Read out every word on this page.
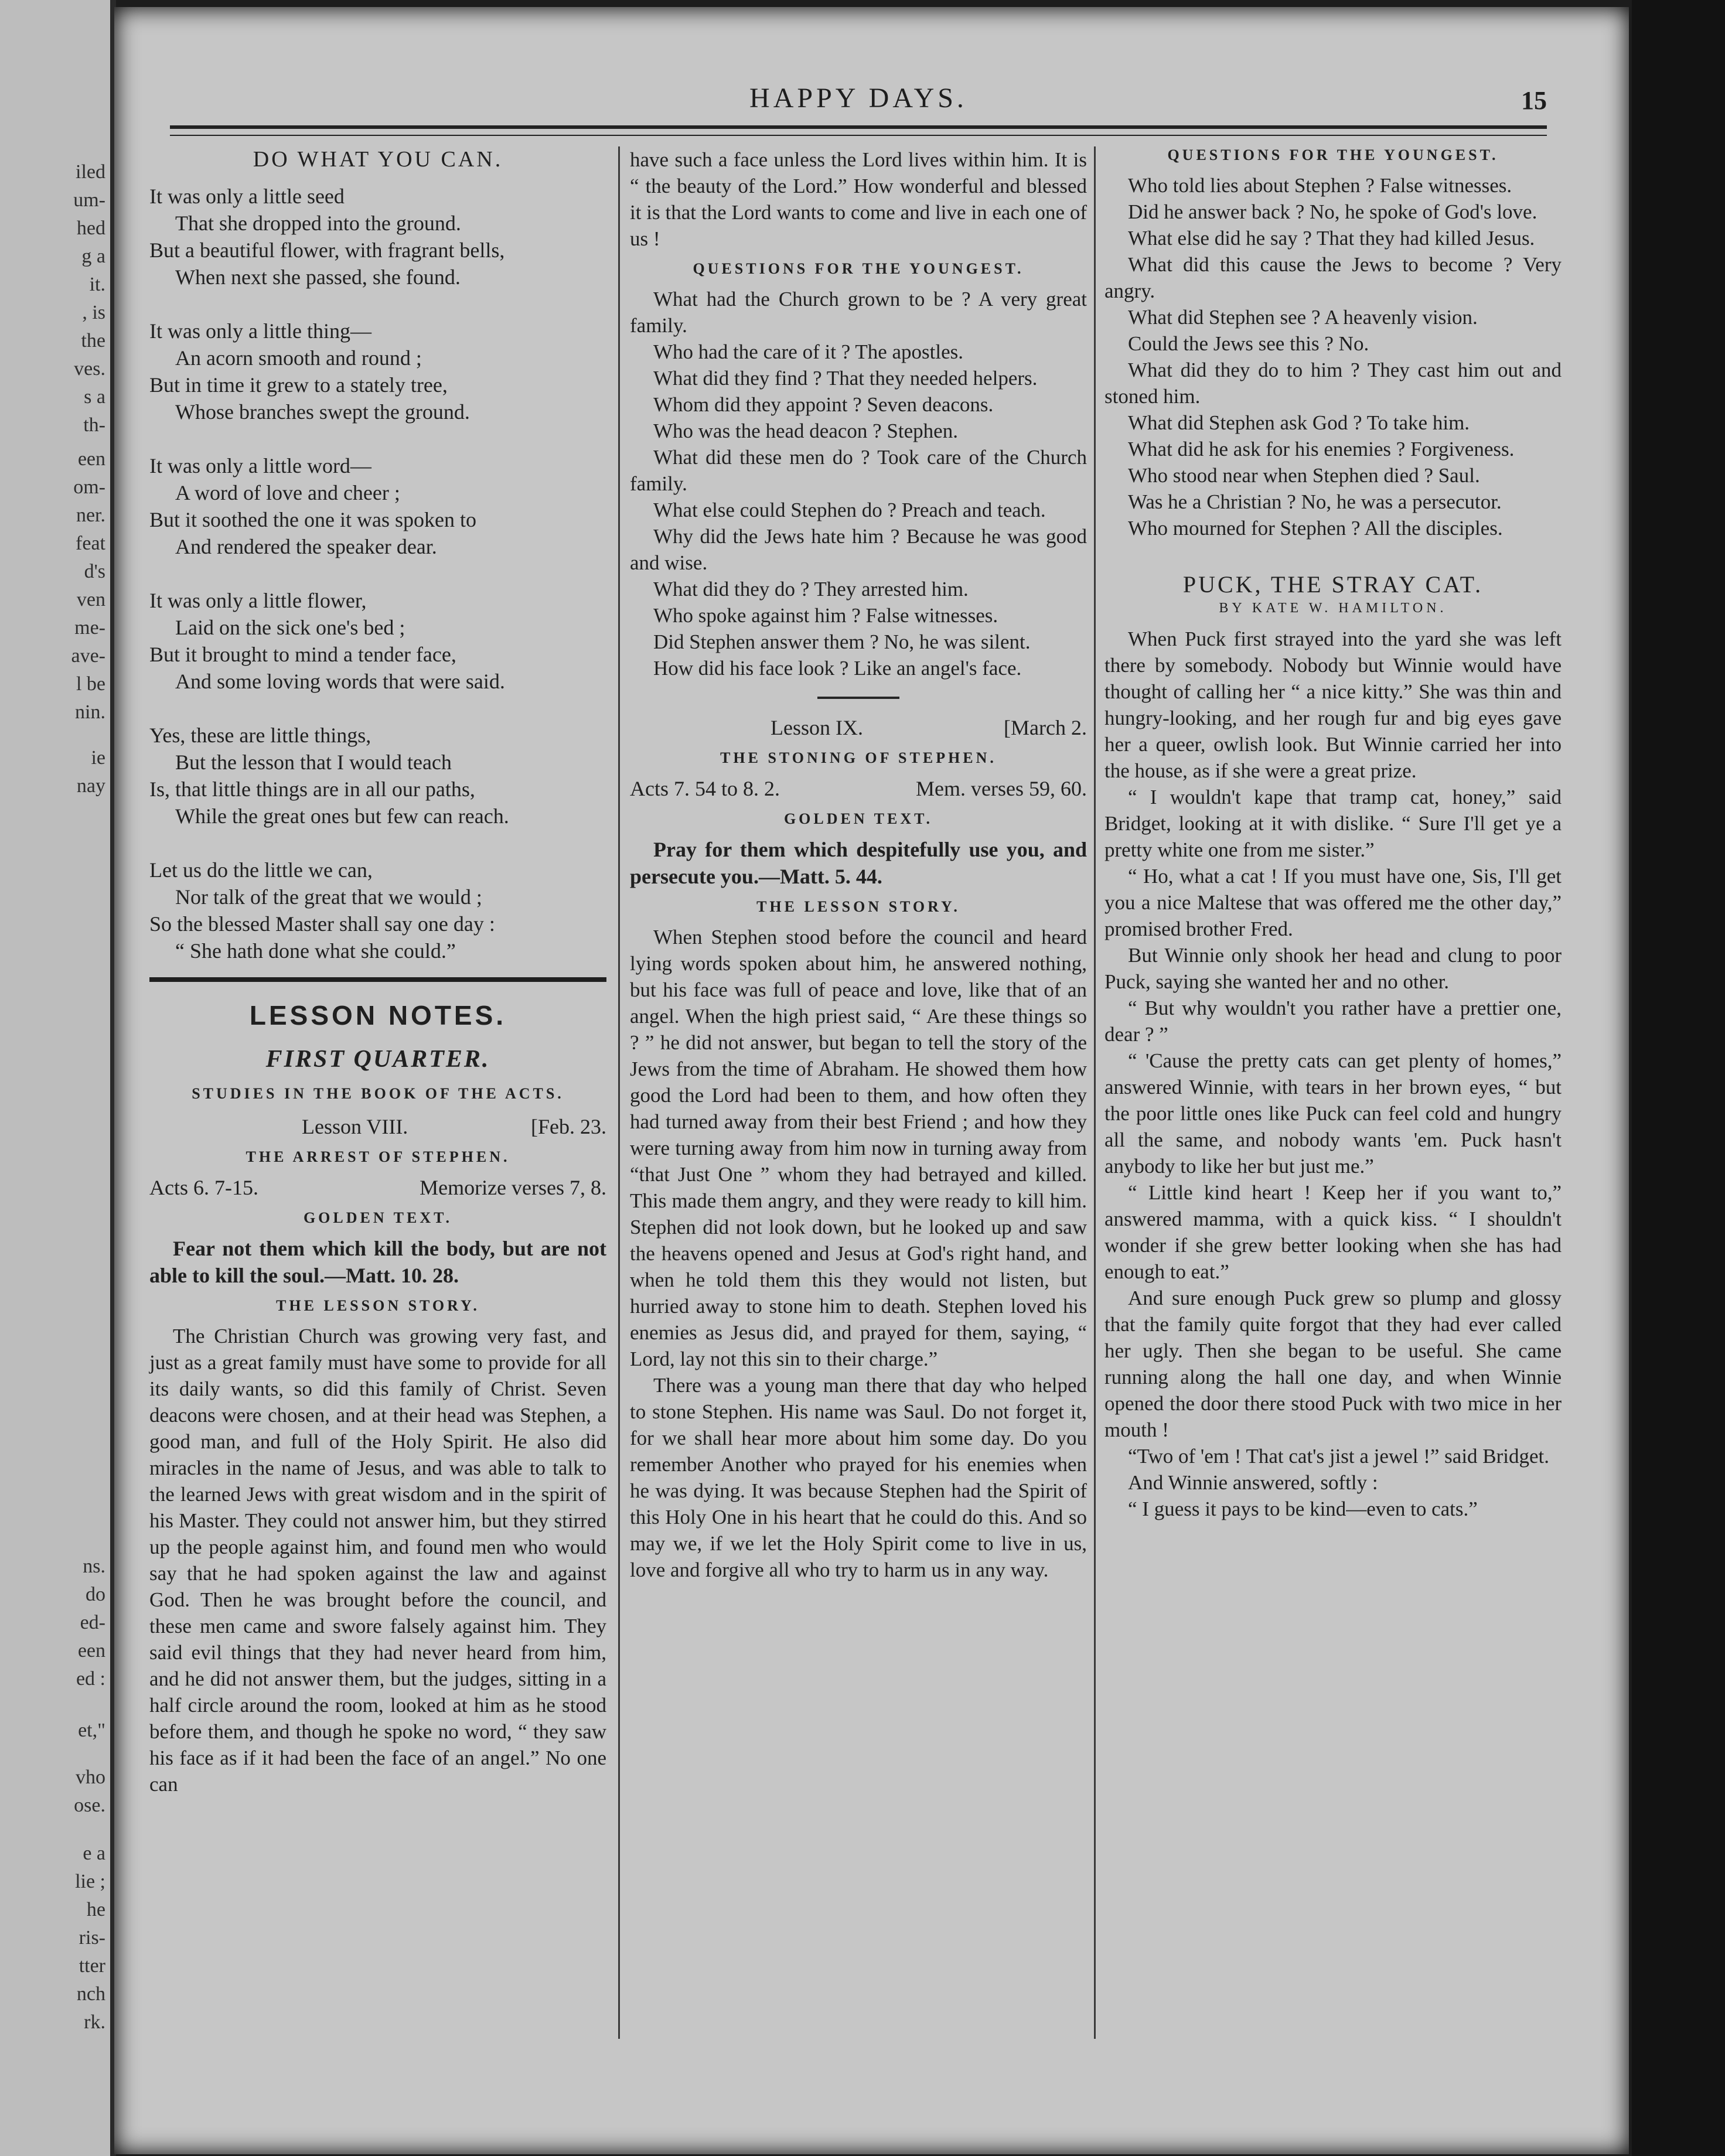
iled
um-
hed
g a
it.
, is
the
ves.
s a
th-
een
om-
ner.
feat
d's
ven
me-
ave-
l be
nin.
ie
nay
ns.
do
ed-
een
ed :
et,"
vho
ose.
e a
lie ;
he
ris-
tter
nch
rk.
HAPPY DAYS.	15

DO WHAT YOU CAN.

It was only a little seed

That she dropped into the ground.

But a beautiful flower, with fragrant bells,

When next she passed, she found.

It was only a little thing—

An acorn smooth and round ;

But in time it grew to a stately tree,

Whose branches swept the ground.

It was only a little word—

A word of love and cheer ;

But it soothed the one it was spoken to

And rendered the speaker dear.

It was only a little flower,

Laid on the sick one's bed ;

But it brought to mind a tender face,

And some loving words that were said.

Yes, these are little things,

But the lesson that I would teach

Is, that little things are in all our paths,

While the great ones but few can reach.

Let us do the little we can,

Nor talk of the great that we would ;

So the blessed Master shall say one day :

“ She hath done what she could.”

LESSON NOTES.
FIRST QUARTER.

STUDIES IN THE BOOK OF THE ACTS.

Lesson VIII.	[Feb. 23.

THE ARREST OF STEPHEN.

Acts 6. 7-15.	Memorize verses 7, 8.

GOLDEN TEXT.

Fear not them which kill the body, but are not able to kill the soul.—Matt. 10. 28.

THE LESSON STORY.

The Christian Church was growing very fast, and just as a great family must have some to provide for all its daily wants, so did this family of Christ. Seven deacons were chosen, and at their head was Stephen, a good man, and full of the Holy Spirit. He also did miracles in the name of Jesus, and was able to talk to the learned Jews with great wisdom and in the spirit of his Master. They could not answer him, but they stirred up the people against him, and found men who would say that he had spoken against the law and against God. Then he was brought before the council, and these men came and swore falsely against him. They said evil things that they had never heard from him, and he did not answer them, but the judges, sitting in a half circle around the room, looked at him as he stood before them, and though he spoke no word, “ they saw his face as if it had been the face of an angel.” No one can

have such a face unless the Lord lives within him. It is “ the beauty of the Lord.” How wonderful and blessed it is that the Lord wants to come and live in each one of us !

QUESTIONS FOR THE YOUNGEST.

What had the Church grown to be ? A very great family.

Who had the care of it ? The apostles.

What did they find ? That they needed helpers.

Whom did they appoint ? Seven deacons.

Who was the head deacon ? Stephen.

What did these men do ? Took care of the Church family.

What else could Stephen do ? Preach and teach.

Why did the Jews hate him ? Because he was good and wise.

What did they do ? They arrested him.

Who spoke against him ? False witnesses.

Did Stephen answer them ? No, he was silent.

How did his face look ? Like an angel's face.

Lesson IX.	[March 2.

THE STONING OF STEPHEN.

Acts 7. 54 to 8. 2.	Mem. verses 59, 60.

GOLDEN TEXT.

Pray for them which despitefully use you, and persecute you.—Matt. 5. 44.

THE LESSON STORY.

When Stephen stood before the council and heard lying words spoken about him, he answered nothing, but his face was full of peace and love, like that of an angel. When the high priest said, “ Are these things so ? ” he did not answer, but began to tell the story of the Jews from the time of Abraham. He showed them how good the Lord had been to them, and how often they had turned away from their best Friend ; and how they were turning away from him now in turning away from “that Just One ” whom they had betrayed and killed. This made them angry, and they were ready to kill him. Stephen did not look down, but he looked up and saw the heavens opened and Jesus at God's right hand, and when he told them this they would not listen, but hurried away to stone him to death. Stephen loved his enemies as Jesus did, and prayed for them, saying, “ Lord, lay not this sin to their charge.”

There was a young man there that day who helped to stone Stephen. His name was Saul. Do not forget it, for we shall hear more about him some day. Do you remember Another who prayed for his enemies when he was dying. It was because Stephen had the Spirit of this Holy One in his heart that he could do this. And so may we, if we let the Holy Spirit come to live in us, love and forgive all who try to harm us in any way.

QUESTIONS FOR THE YOUNGEST.

Who told lies about Stephen ? False witnesses.

Did he answer back ? No, he spoke of God's love.

What else did he say ? That they had killed Jesus.

What did this cause the Jews to become ? Very angry.

What did Stephen see ? A heavenly vision.

Could the Jews see this ? No.

What did they do to him ? They cast him out and stoned him.

What did Stephen ask God ? To take him.

What did he ask for his enemies ? Forgiveness.

Who stood near when Stephen died ? Saul.

Was he a Christian ? No, he was a persecutor.

Who mourned for Stephen ? All the disciples.

PUCK, THE STRAY CAT.

BY KATE W. HAMILTON.

When Puck first strayed into the yard she was left there by somebody. Nobody but Winnie would have thought of calling her “ a nice kitty.” She was thin and hungry-looking, and her rough fur and big eyes gave her a queer, owlish look. But Winnie carried her into the house, as if she were a great prize.

“ I wouldn't kape that tramp cat, honey,” said Bridget, looking at it with dislike. “ Sure I'll get ye a pretty white one from me sister.”

“ Ho, what a cat ! If you must have one, Sis, I'll get you a nice Maltese that was offered me the other day,” promised brother Fred.

But Winnie only shook her head and clung to poor Puck, saying she wanted her and no other.

“ But why wouldn't you rather have a prettier one, dear ? ”

“ 'Cause the pretty cats can get plenty of homes,” answered Winnie, with tears in her brown eyes, “ but the poor little ones like Puck can feel cold and hungry all the same, and nobody wants 'em. Puck hasn't anybody to like her but just me.”

“ Little kind heart ! Keep her if you want to,” answered mamma, with a quick kiss. “ I shouldn't wonder if she grew better looking when she has had enough to eat.”

And sure enough Puck grew so plump and glossy that the family quite forgot that they had ever called her ugly. Then she began to be useful. She came running along the hall one day, and when Winnie opened the door there stood Puck with two mice in her mouth !

“Two of 'em ! That cat's jist a jewel !” said Bridget.

And Winnie answered, softly :

“ I guess it pays to be kind—even to cats.”
